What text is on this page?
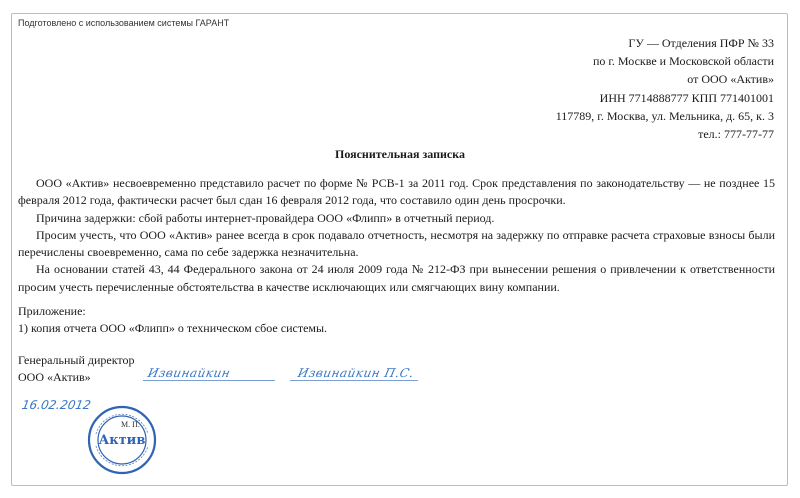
Подготовлено с использованием системы ГАРАНТ
ГУ — Отделения ПФР № 33
по г. Москве и Московской области
от ООО «Актив»
ИНН 7714888777 КПП 771401001
117789, г. Москва, ул. Мельника, д. 65, к. 3
тел.: 777-77-77
Пояснительная записка

ООО «Актив» несвоевременно представило расчет по форме № РСВ-1 за 2011 год. Срок представления по законодательству — не позднее 15 февраля 2012 года, фактически расчет был сдан 16 февраля 2012 года, что составило один день просрочки.

Причина задержки: сбой работы интернет-провайдера ООО «Флипп» в отчетный период.

Просим учесть, что ООО «Актив» ранее всегда в срок подавало отчетность, несмотря на задержку по отправке расчета страховые взносы были перечислены своевременно, сама по себе задержка незначительна.

На основании статей 43, 44 Федерального закона от 24 июля 2009 года № 212-ФЗ при вынесении решения о привлечении к ответственности просим учесть перечисленные обстоятельства в качестве исключающих или смягчающих вину компании.

Приложение:
1) копия отчета ООО «Флипп» о техническом сбое системы.
Генеральный директор
ООО «Актив»	Извинайкин	Извинайкин П.С.
16.02.2012
М. П.
Актив
